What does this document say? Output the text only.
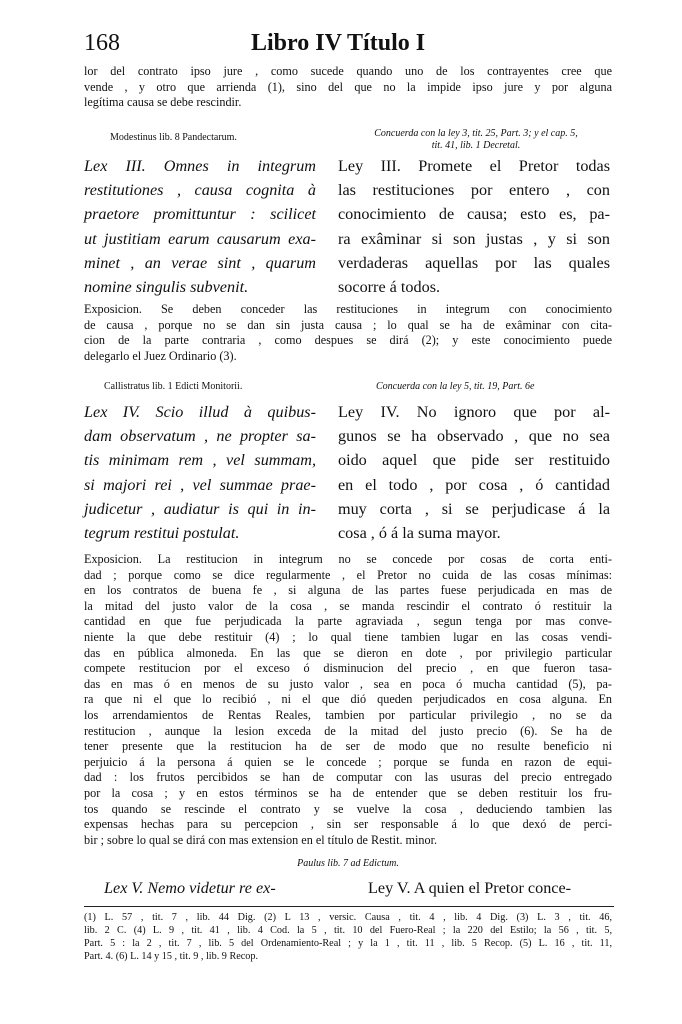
168	Libro IV Título I
lor del contrato ipso jure , como sucede quando uno de los contrayentes cree que
vende , y otro que arrienda (1), sino del que no la impide ipso jure y por alguna
legítima causa se debe rescindir.
Modestinus lib. 8 Pandectarum.	Concuerda con la ley 3, tit. 25, Part. 3; y el cap. 5,
tit. 41, lib. 1 Decretal.
Lex III. Omnes in integrum
restitutiones , causa cognita à
praetore promittuntur : scilicet
ut justitiam earum causarum exa-
minet , an verae sint , quarum
nomine singulis subvenit.
Ley III. Promete el Pretor todas
las restituciones por entero , con
conocimiento de causa; esto es, pa-
ra exâminar si son justas , y si son
verdaderas aquellas por las quales
socorre á todos.
Exposicion. Se deben conceder las restituciones in integrum con conocimiento
de causa , porque no se dan sin justa causa ; lo qual se ha de exâminar con cita-
cion de la parte contraria , como despues se dirá (2); y este conocimiento puede
delegarlo el Juez Ordinario (3).
Callistratus lib. 1 Edicti Monitorii.	Concuerda con la ley 5, tit. 19, Part. 6e
Lex IV. Scio illud à quibus-
dam observatum , ne propter sa-
tis minimam rem , vel summam,
si majori rei , vel summae prae-
judicetur , audiatur is qui in in-
tegrum restitui postulat.
Ley IV. No ignoro que por al-
gunos se ha observado , que no sea
oido aquel que pide ser restituido
en el todo , por cosa , ó cantidad
muy corta , si se perjudicase á la
cosa , ó á la suma mayor.
Exposicion. La restitucion in integrum no se concede por cosas de corta enti-
dad ; porque como se dice regularmente , el Pretor no cuida de las cosas mínimas:
en los contratos de buena fe , si alguna de las partes fuese perjudicada en mas de
la mitad del justo valor de la cosa , se manda rescindir el contrato ó restituir la
cantidad en que fue perjudicada la parte agraviada , segun tenga por mas conve-
niente la que debe restituir (4) ; lo qual tiene tambien lugar en las cosas vendi-
das en pública almoneda. En las que se dieron en dote , por privilegio particular
compete restitucion por el exceso ó disminucion del precio , en que fueron tasa-
das en mas ó en menos de su justo valor , sea en poca ó mucha cantidad (5), pa-
ra que ni el que lo recibió , ni el que dió queden perjudicados en cosa alguna. En
los arrendamientos de Rentas Reales, tambien por particular privilegio , no se da
restitucion , aunque la lesion exceda de la mitad del justo precio (6). Se ha de
tener presente que la restitucion ha de ser de modo que no resulte beneficio ni
perjuicio á la persona á quien se le concede ; porque se funda en razon de equi-
dad : los frutos percibidos se han de computar con las usuras del precio entregado
por la cosa ; y en estos términos se ha de entender que se deben restituir los fru-
tos quando se rescinde el contrato y se vuelve la cosa , deduciendo tambien las
expensas hechas para su percepcion , sin ser responsable á lo que dexó de perci-
bir ; sobre lo qual se dirá con mas extension en el título de Restit. minor.
Paulus lib. 7 ad Edictum.
Lex V. Nemo videtur re ex-	Ley V. A quien el Pretor conce-
(1) L. 57 , tit. 7 , lib. 44 Dig. (2) L 13 , versic. Causa , tit. 4 , lib. 4 Dig. (3) L. 3 , tit. 46,
lib. 2 C. (4) L. 9 , tit. 41 , lib. 4 Cod. la 5 , tit. 10 del Fuero-Real ; la 220 del Estilo; la 56 , tit. 5,
Part. 5 : la 2 , tit. 7 , lib. 5 del Ordenamiento-Real ; y la 1 , tit. 11 , lib. 5 Recop. (5) L. 16 , tit. 11,
Part. 4. (6) L. 14 y 15 , tit. 9 , lib. 9 Recop.
